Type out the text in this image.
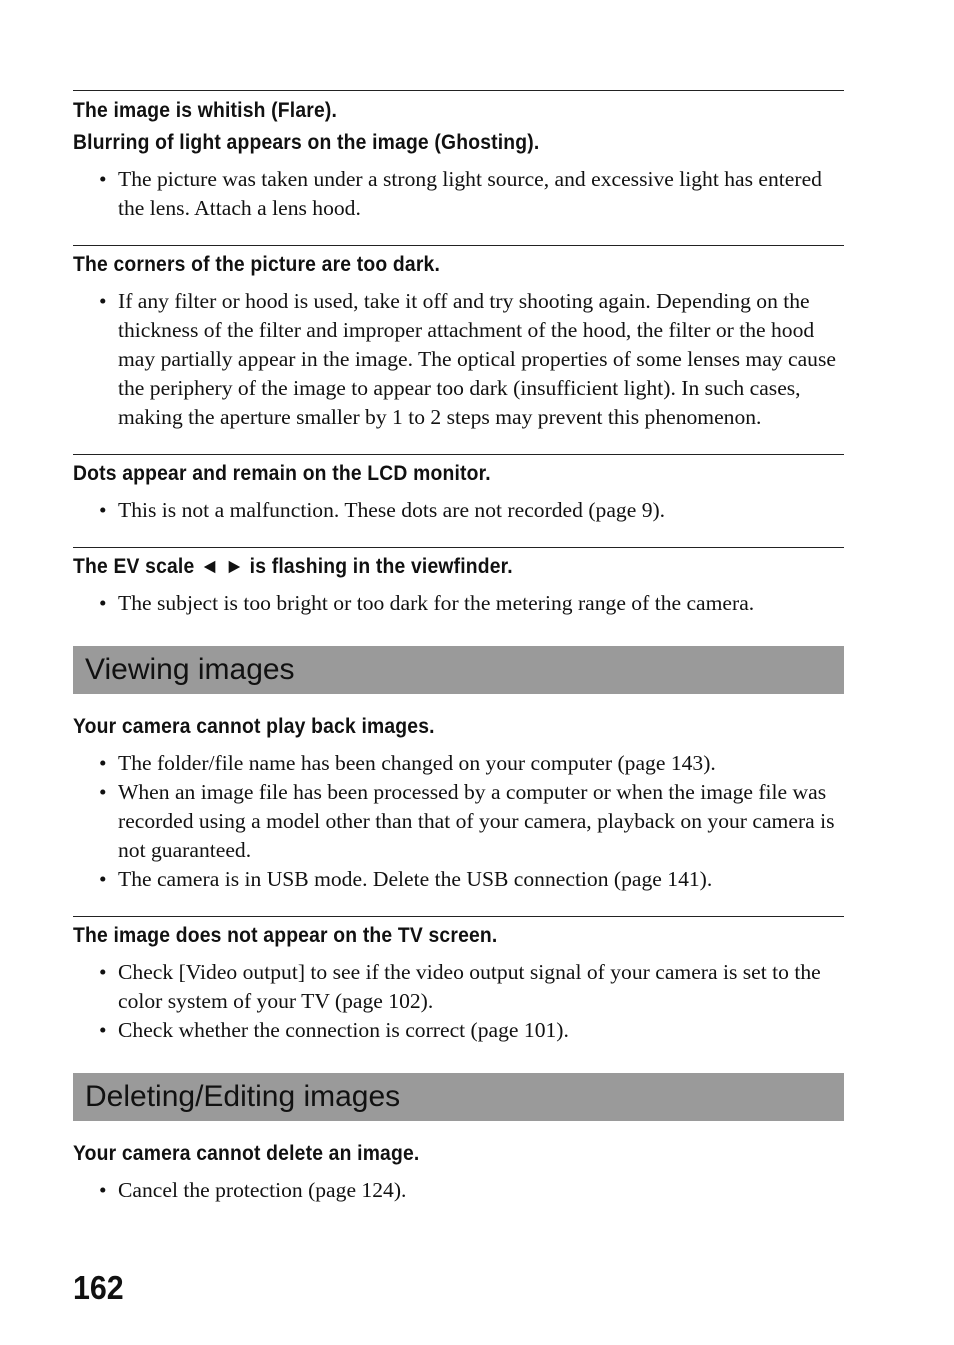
The image is whitish (Flare).
Blurring of light appears on the image (Ghosting).
• The picture was taken under a strong light source, and excessive light has entered the lens. Attach a lens hood.
The corners of the picture are too dark.
• If any filter or hood is used, take it off and try shooting again. Depending on the thickness of the filter and improper attachment of the hood, the filter or the hood may partially appear in the image. The optical properties of some lenses may cause the periphery of the image to appear too dark (insufficient light). In such cases, making the aperture smaller by 1 to 2 steps may prevent this phenomenon.
Dots appear and remain on the LCD monitor.
• This is not a malfunction. These dots are not recorded (page 9).
The EV scale ◄ ► is flashing in the viewfinder.
• The subject is too bright or too dark for the metering range of the camera.
Viewing images
Your camera cannot play back images.
• The folder/file name has been changed on your computer (page 143).
• When an image file has been processed by a computer or when the image file was recorded using a model other than that of your camera, playback on your camera is not guaranteed.
• The camera is in USB mode. Delete the USB connection (page 141).
The image does not appear on the TV screen.
• Check [Video output] to see if the video output signal of your camera is set to the color system of your TV (page 102).
• Check whether the connection is correct (page 101).
Deleting/Editing images
Your camera cannot delete an image.
• Cancel the protection (page 124).
162
